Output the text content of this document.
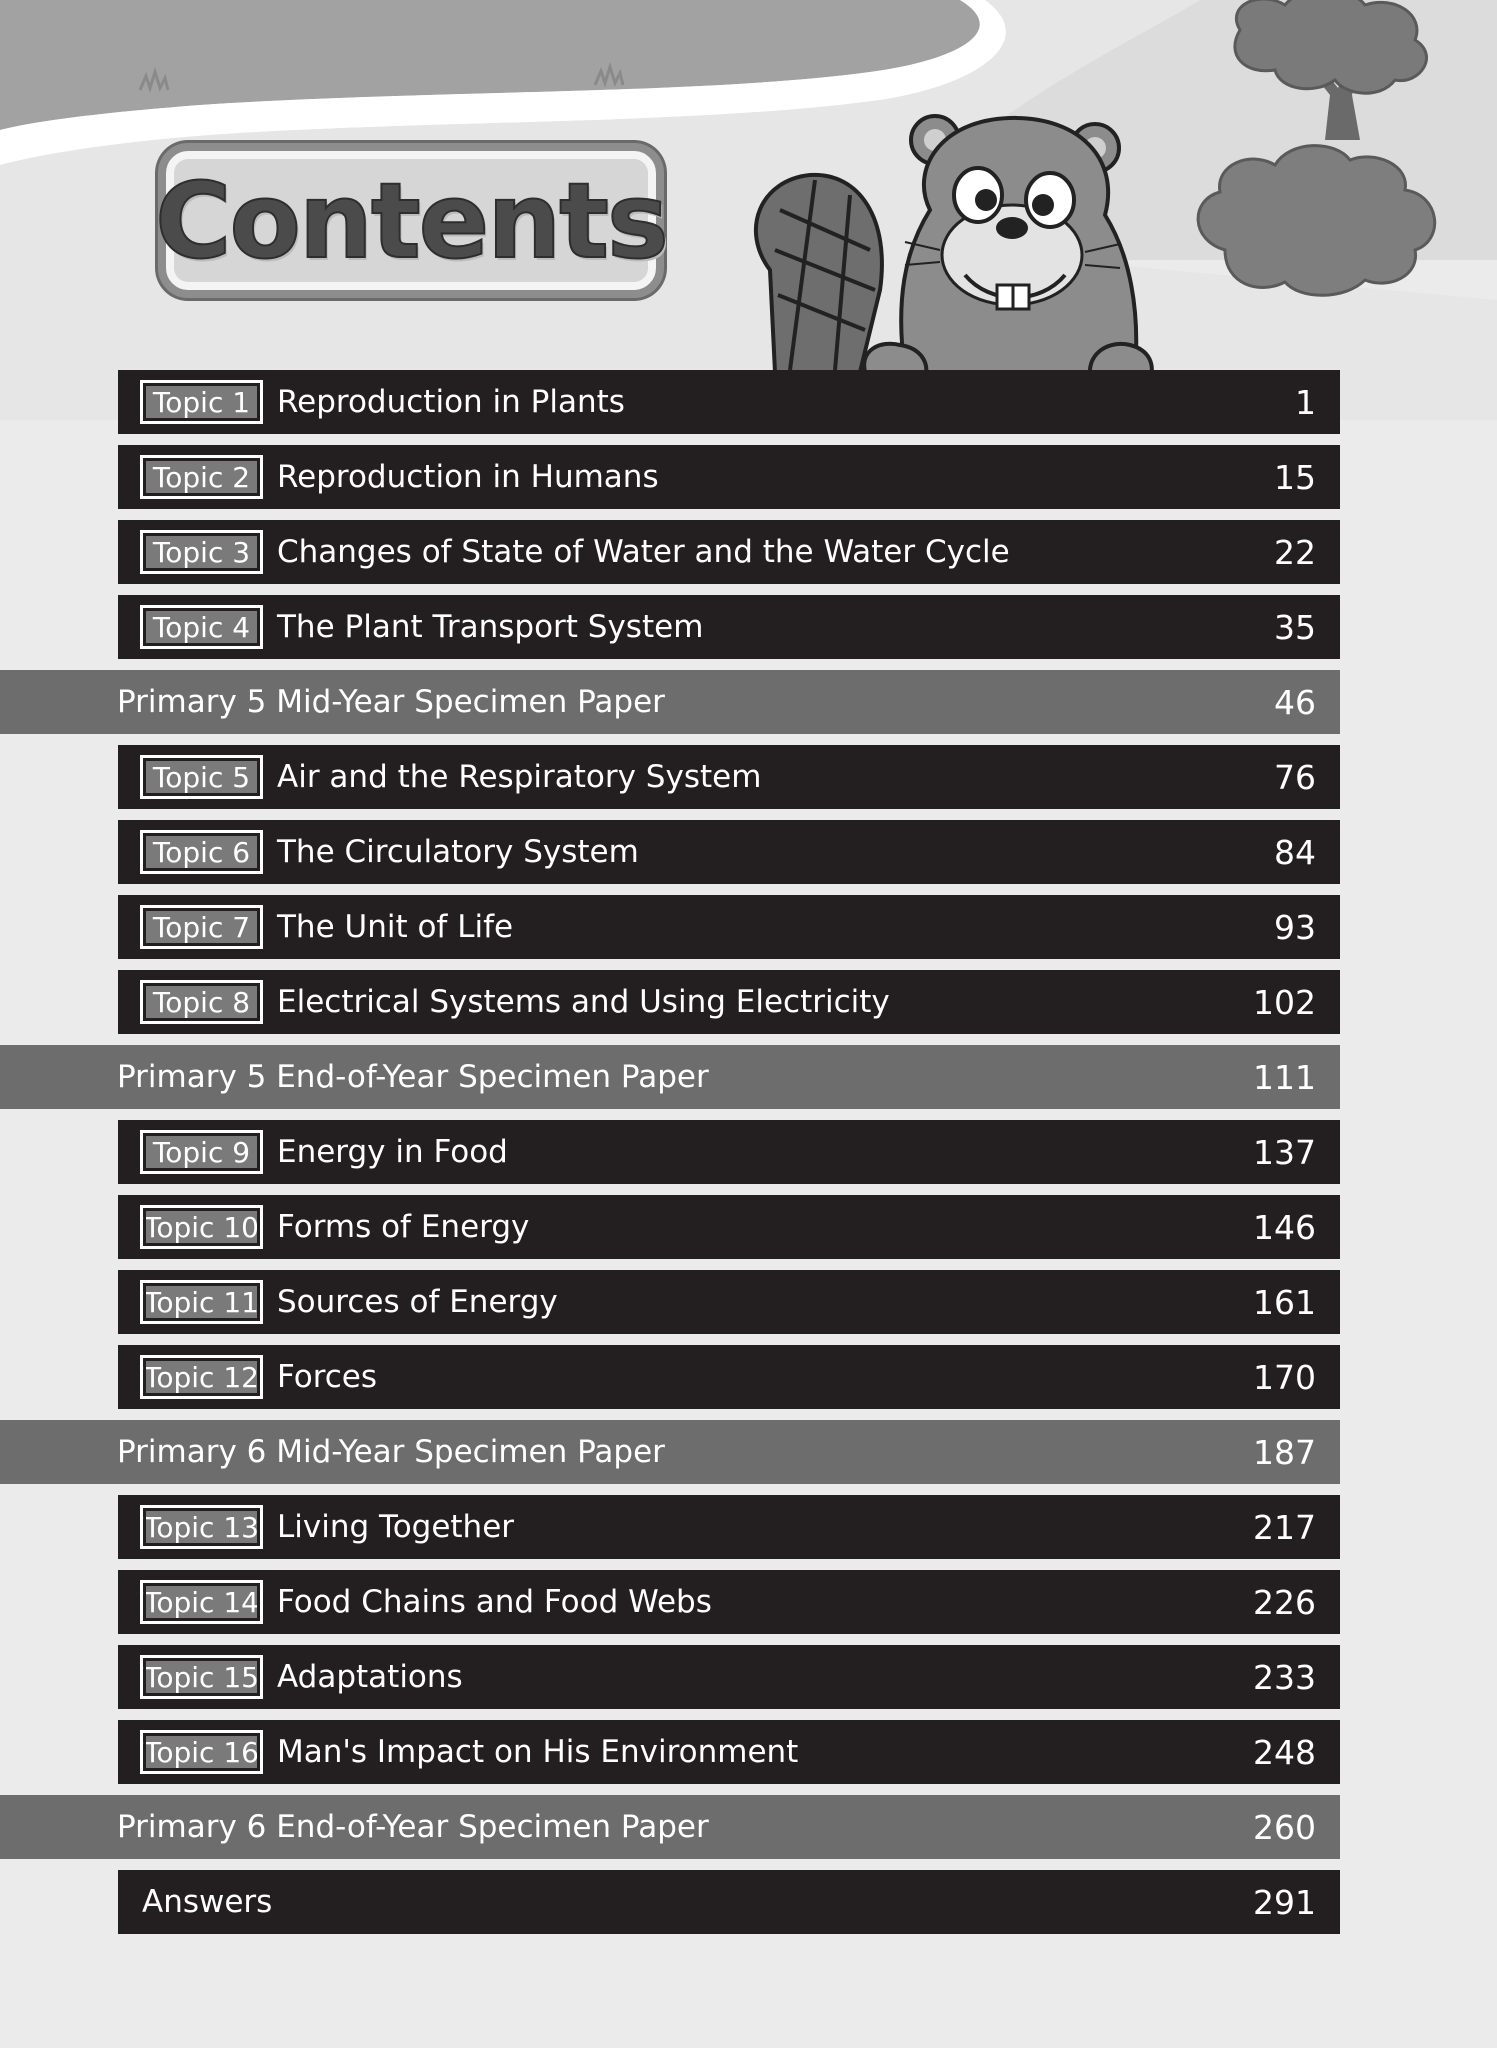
Contents
Topic 1 Reproduction in Plants	1
Topic 2 Reproduction in Humans	15
Topic 3 Changes of State of Water and the Water Cycle	22
Topic 4 The Plant Transport System	35
Primary 5 Mid-Year Specimen Paper	46
Topic 5 Air and the Respiratory System	76
Topic 6 The Circulatory System	84
Topic 7 The Unit of Life	93
Topic 8 Electrical Systems and Using Electricity	102
Primary 5 End-of-Year Specimen Paper	111
Topic 9 Energy in Food	137
Topic 10 Forms of Energy	146
Topic 11 Sources of Energy	161
Topic 12 Forces	170
Primary 6 Mid-Year Specimen Paper	187
Topic 13 Living Together	217
Topic 14 Food Chains and Food Webs	226
Topic 15 Adaptations	233
Topic 16 Man's Impact on His Environment	248
Primary 6 End-of-Year Specimen Paper	260
Answers	291
